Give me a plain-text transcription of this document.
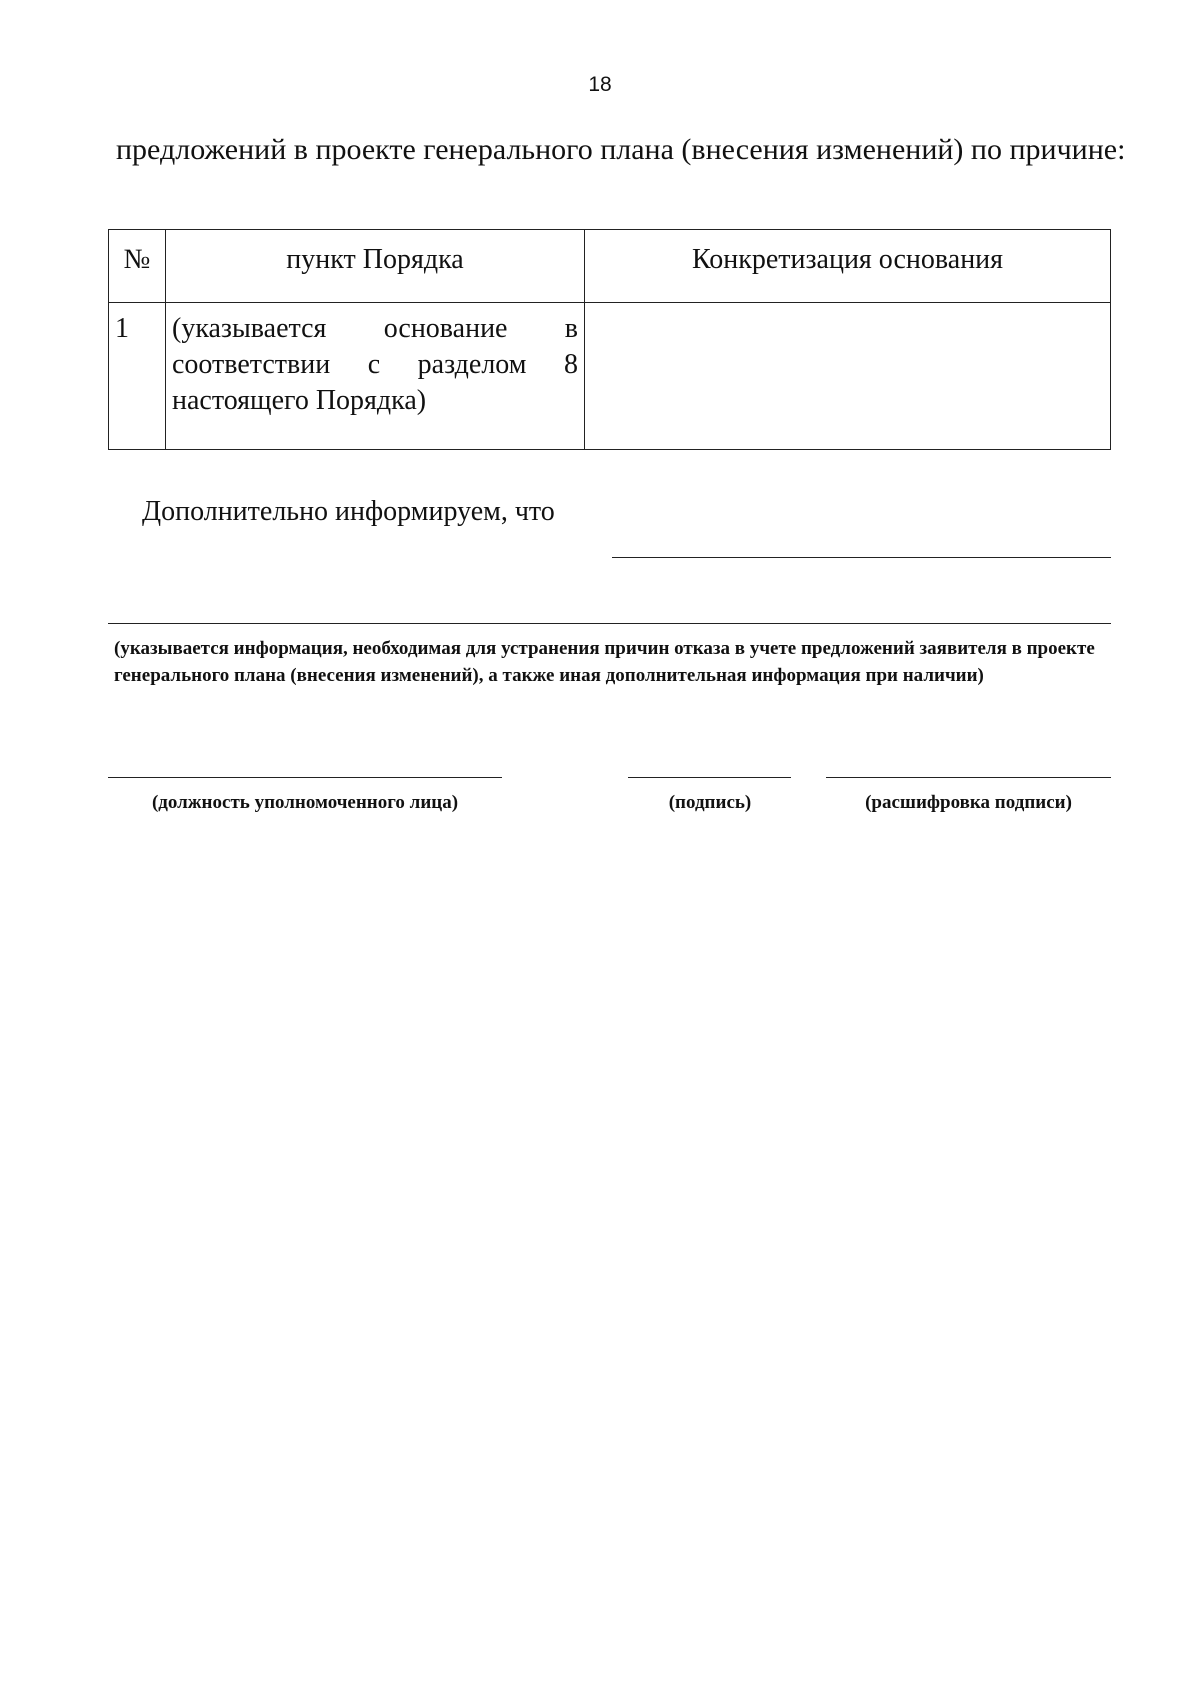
18
предложений в проекте генерального плана (внесения изменений) по причине:
№	пункт Порядка	Конкретизация основания
1	(указывается основание в соответствии с разделом 8 настоящего Порядка)	
Дополнительно информируем, что
(указывается информация, необходимая для устранения причин отказа в учете предложений заявителя в проекте генерального плана (внесения изменений), а также иная дополнительная информация при наличии)
(должность уполномоченного лица)	(подпись)	(расшифровка подписи)
